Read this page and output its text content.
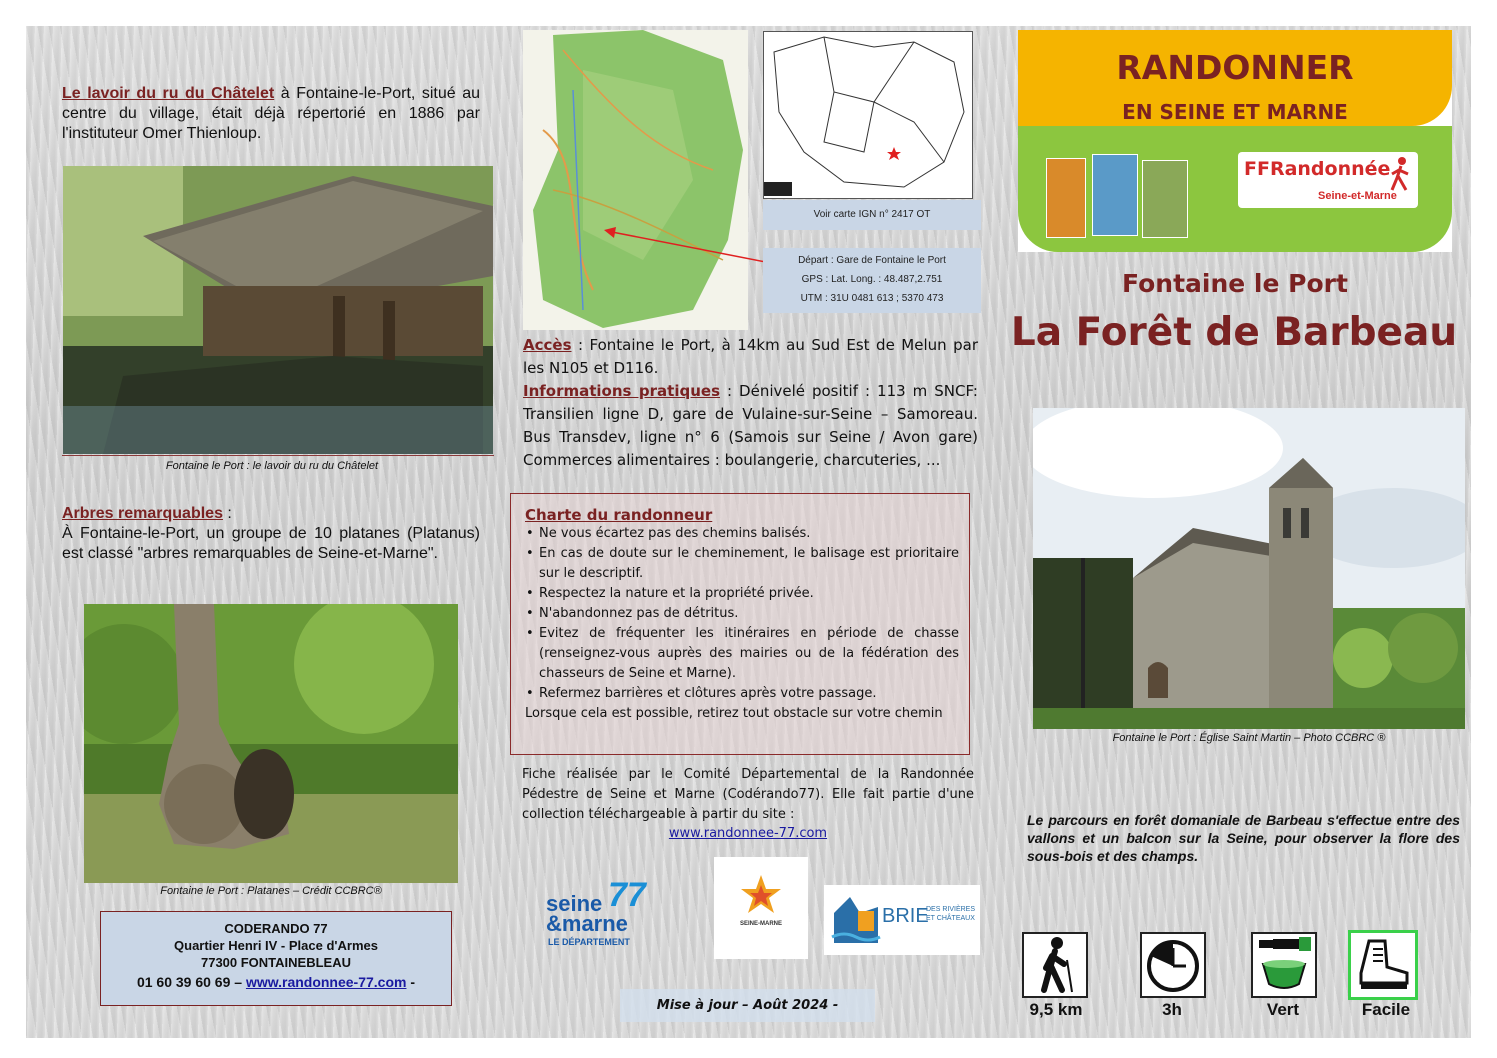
Le lavoir du ru du Châtelet à Fontaine-le-Port, situé au centre du village, était déjà répertorié en 1886 par l'instituteur Omer Thienloup.
Fontaine le Port : le lavoir du ru du Châtelet
Arbres remarquables :
À Fontaine-le-Port, un groupe de 10 platanes (Platanus) est classé "arbres remarquables de Seine-et-Marne".
Fontaine le Port : Platanes – Crédit CCBRC®
CODERANDO 77
Quartier Henri IV - Place d'Armes
77300 FONTAINEBLEAU
01 60 39 60 69 – www.randonnee-77.com -
Voir carte IGN n° 2417 OT
Départ : Gare de Fontaine le Port
GPS : Lat. Long. : 48.487,2.751
UTM : 31U 0481 613 ; 5370 473
Accès : Fontaine le Port, à 14km au Sud Est de Melun par les N105 et D116.
Informations pratiques : Dénivelé positif : 113 m SNCF: Transilien ligne D, gare de Vulaine-sur-Seine – Samoreau. Bus Transdev, ligne n° 6 (Samois sur Seine / Avon gare) Commerces alimentaires : boulangerie, charcuteries, ...
Charte du randonneur
• Ne vous écartez pas des chemins balisés.
• En cas de doute sur le cheminement, le balisage est prioritaire sur le descriptif.
• Respectez la nature et la propriété privée.
• N'abandonnez pas de détritus.
• Evitez de fréquenter les itinéraires en période de chasse (renseignez-vous auprès des mairies ou de la fédération des chasseurs de Seine et Marne).
• Refermez barrières et clôtures après votre passage.
Lorsque cela est possible, retirez tout obstacle sur votre chemin
Fiche réalisée par le Comité Départemental de la Randonnée Pédestre de Seine et Marne (Codérando77). Elle fait partie d'une collection téléchargeable à partir du site :
www.randonnee-77.com
seine
&marne
77
LE DÉPARTEMENT
SEINE-MARNE	BRIE
DES RIVIÈRES ET CHÂTEAUX
Mise à jour – Août 2024 -
RANDONNER
EN SEINE ET MARNE
FFRandonnée
Seine-et-Marne
Fontaine le Port
La Forêt de Barbeau
Fontaine le Port : Église Saint Martin – Photo CCBRC ®
Le parcours en forêt domaniale de Barbeau s'effectue entre des vallons et un balcon sur la Seine, pour observer la flore des sous-bois et des champs.
9,5 km	3h	Vert	Facile
